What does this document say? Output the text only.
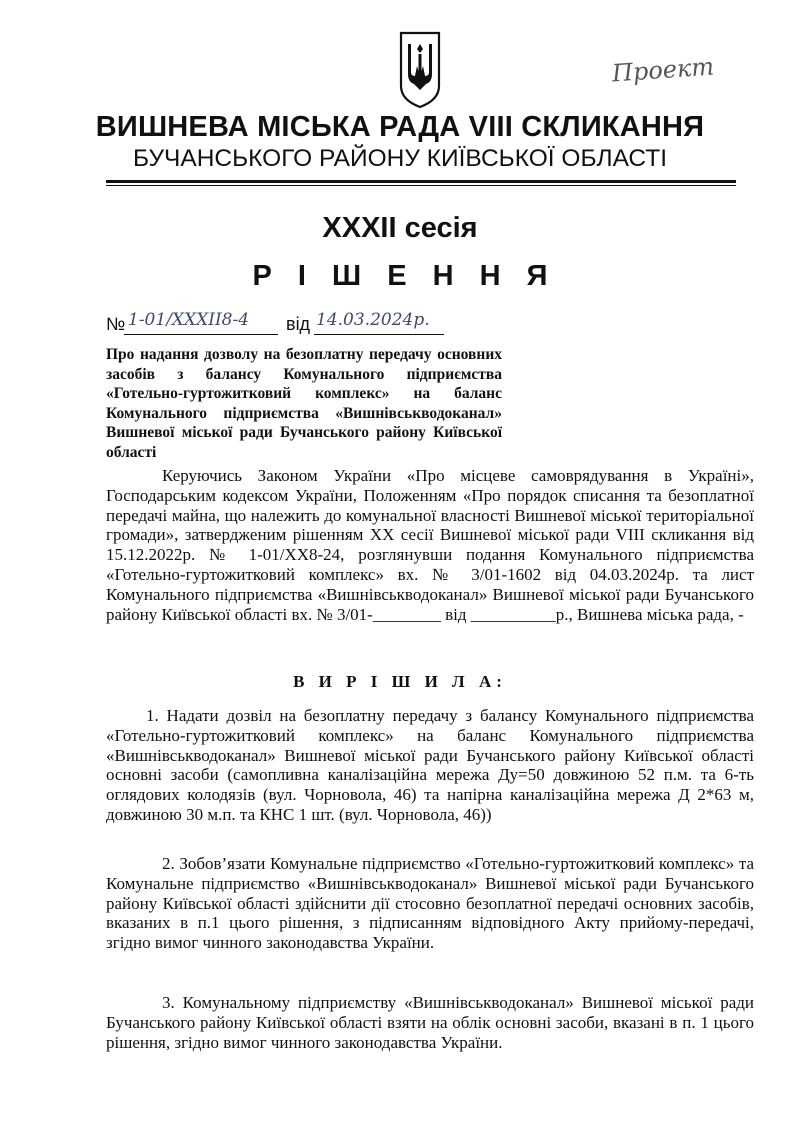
Проект
ВИШНЕВА МІСЬКА РАДА VIII СКЛИКАННЯ
БУЧАНСЬКОГО РАЙОНУ КИЇВСЬКОЇ ОБЛАСТІ
XXXII сесія
Р І Ш Е Н Н Я
№ 1-01/XXXII8-4 від 14.03.2024р.
Про надання дозволу на безоплатну передачу основних засобів з балансу Комунального підприємства «Готельно-гуртожитковий комплекс» на баланс Комунального підприємства «Вишнівськводоканал» Вишневої міської ради Бучанського району Київської області
Керуючись Законом України «Про місцеве самоврядування в Україні», Господарським кодексом України, Положенням «Про порядок списання та безоплатної передачі майна, що належить до комунальної власності Вишневої міської територіальної громади», затвердженим рішенням XX сесії Вишневої міської ради VIII скликання від 15.12.2022р. № 1-01/XX8-24, розглянувши подання Комунального підприємства «Готельно-гуртожитковий комплекс» вх. № 3/01-1602 від 04.03.2024р. та лист Комунального підприємства «Вишнівськводоканал» Вишневої міської ради Бучанського району Київської області вх. № 3/01-________ від __________р., Вишнева міська рада, -
В И Р І Ш И Л А:
1. Надати дозвіл на безоплатну передачу з балансу Комунального підприємства «Готельно-гуртожитковий комплекс» на баланс Комунального підприємства «Вишнівськводоканал» Вишневої міської ради Бучанського району Київської області основні засоби (самопливна каналізаційна мережа Ду=50 довжиною 52 п.м. та 6-ть оглядових колодязів (вул. Чорновола, 46) та напірна каналізаційна мережа Д 2*63 м, довжиною 30 м.п. та КНС 1 шт. (вул. Чорновола, 46))
2. Зобов’язати Комунальне підприємство «Готельно-гуртожитковий комплекс» та Комунальне підприємство «Вишнівськводоканал» Вишневої міської ради Бучанського району Київської області здійснити дії стосовно безоплатної передачі основних засобів, вказаних в п.1 цього рішення, з підписанням відповідного Акту прийому-передачі, згідно вимог чинного законодавства України.
3. Комунальному підприємству «Вишнівськводоканал» Вишневої міської ради Бучанського району Київської області взяти на облік основні засоби, вказані в п. 1 цього рішення, згідно вимог чинного законодавства України.
